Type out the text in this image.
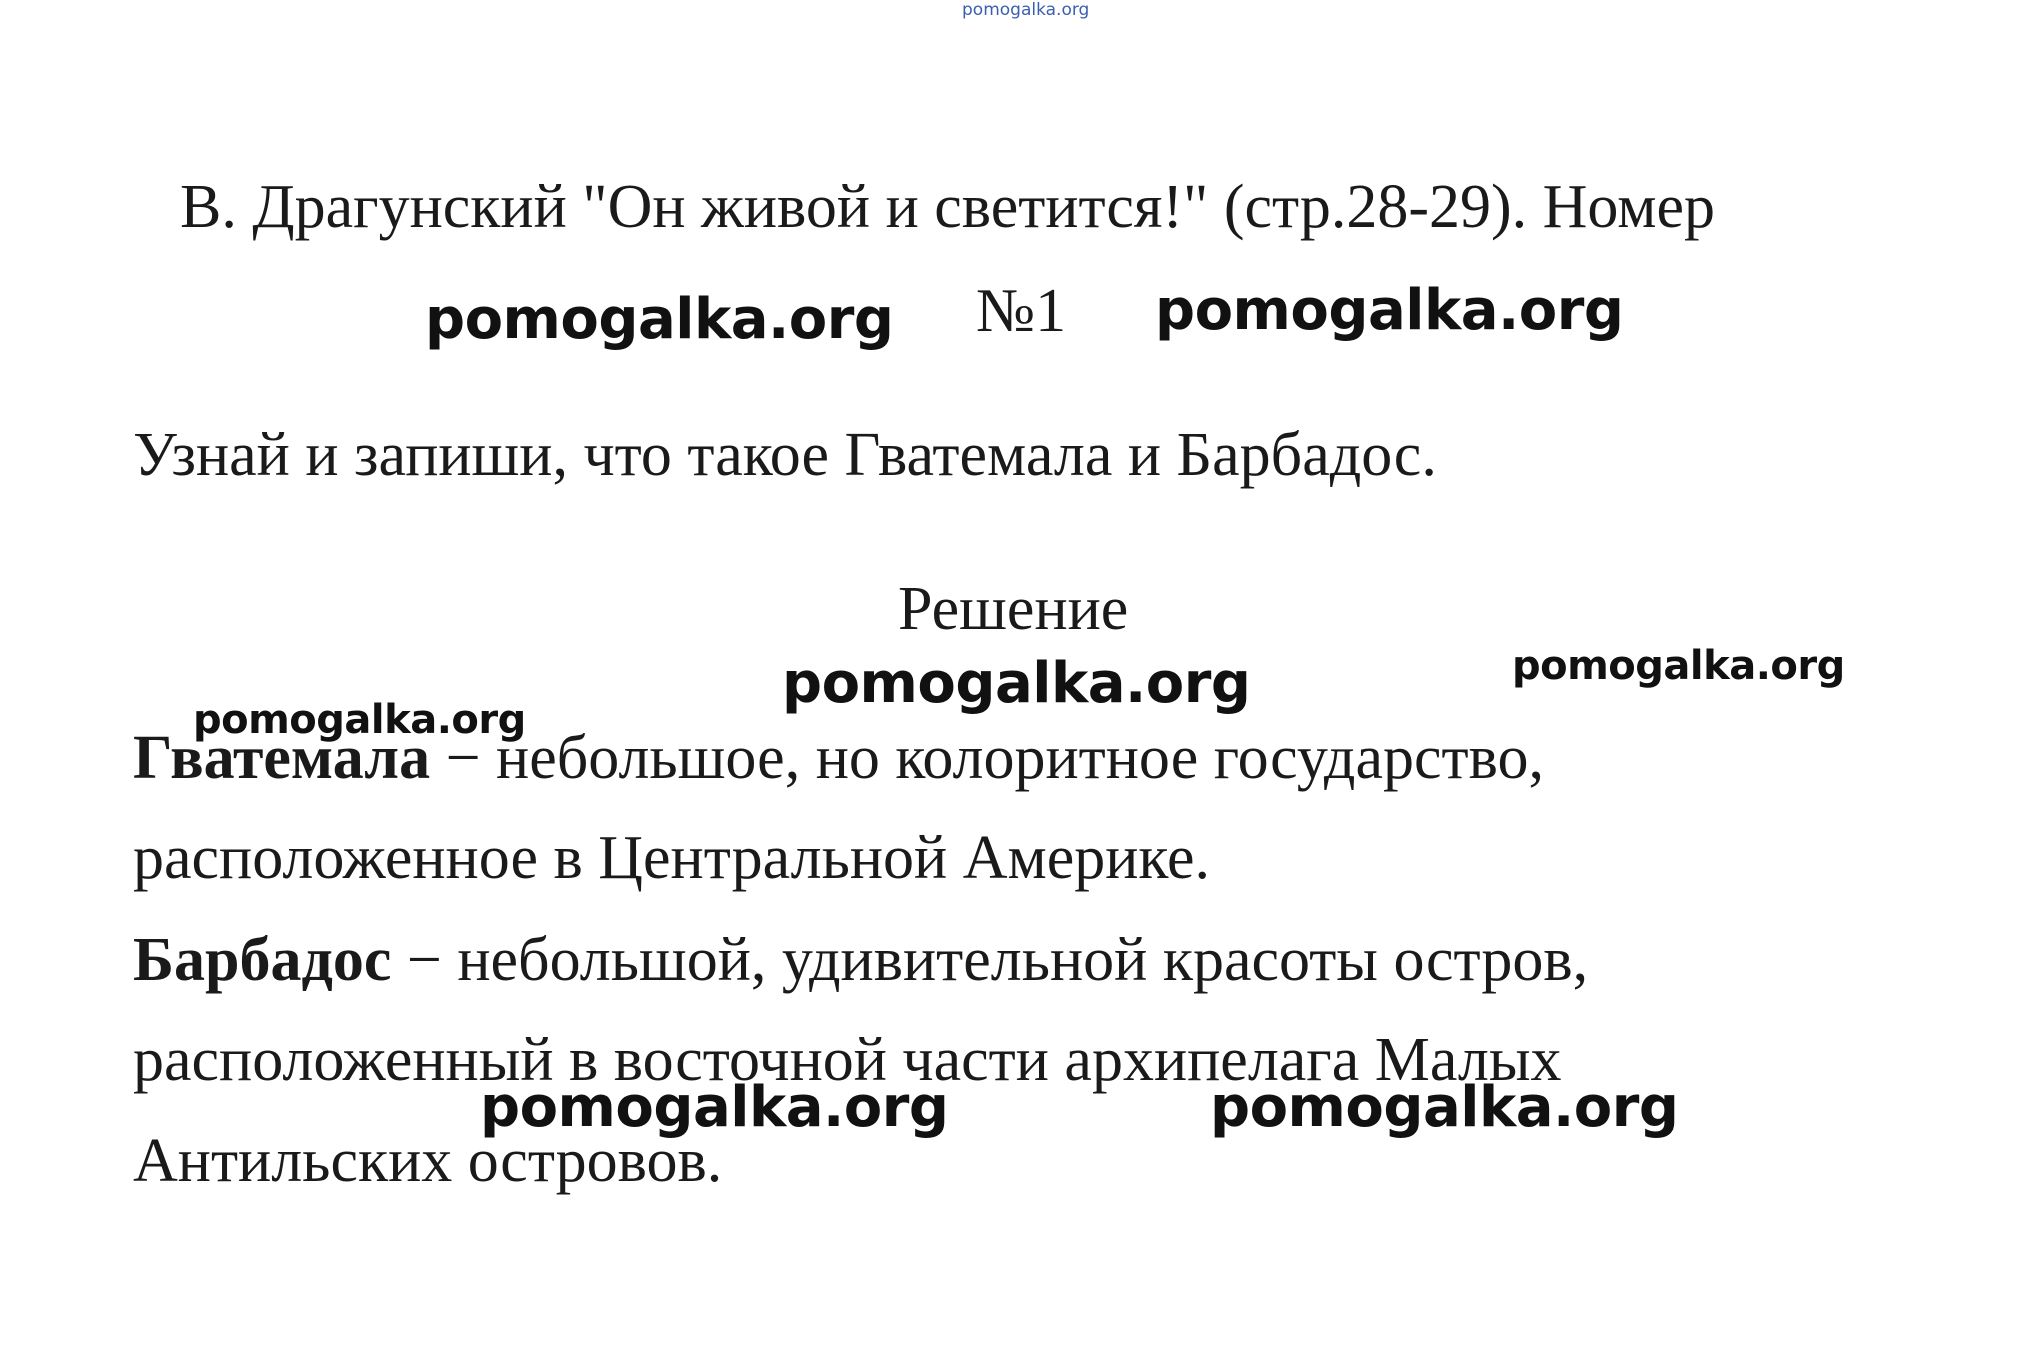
pomogalka.org
В. Драгунский "Он живой и светится!" (стр.28-29). Номер
№1
pomogalka.org	pomogalka.org
Узнай и запиши, что такое Гватемала и Барбадос.
Решение
pomogalka.org	pomogalka.org
pomogalka.org
Гватемала − небольшое, но колоритное государство,
расположенное в Центральной Америке.
Барбадос − небольшой, удивительной красоты остров,
расположенный в восточной части архипелага Малых
Антильских островов.
pomogalka.org	pomogalka.org
